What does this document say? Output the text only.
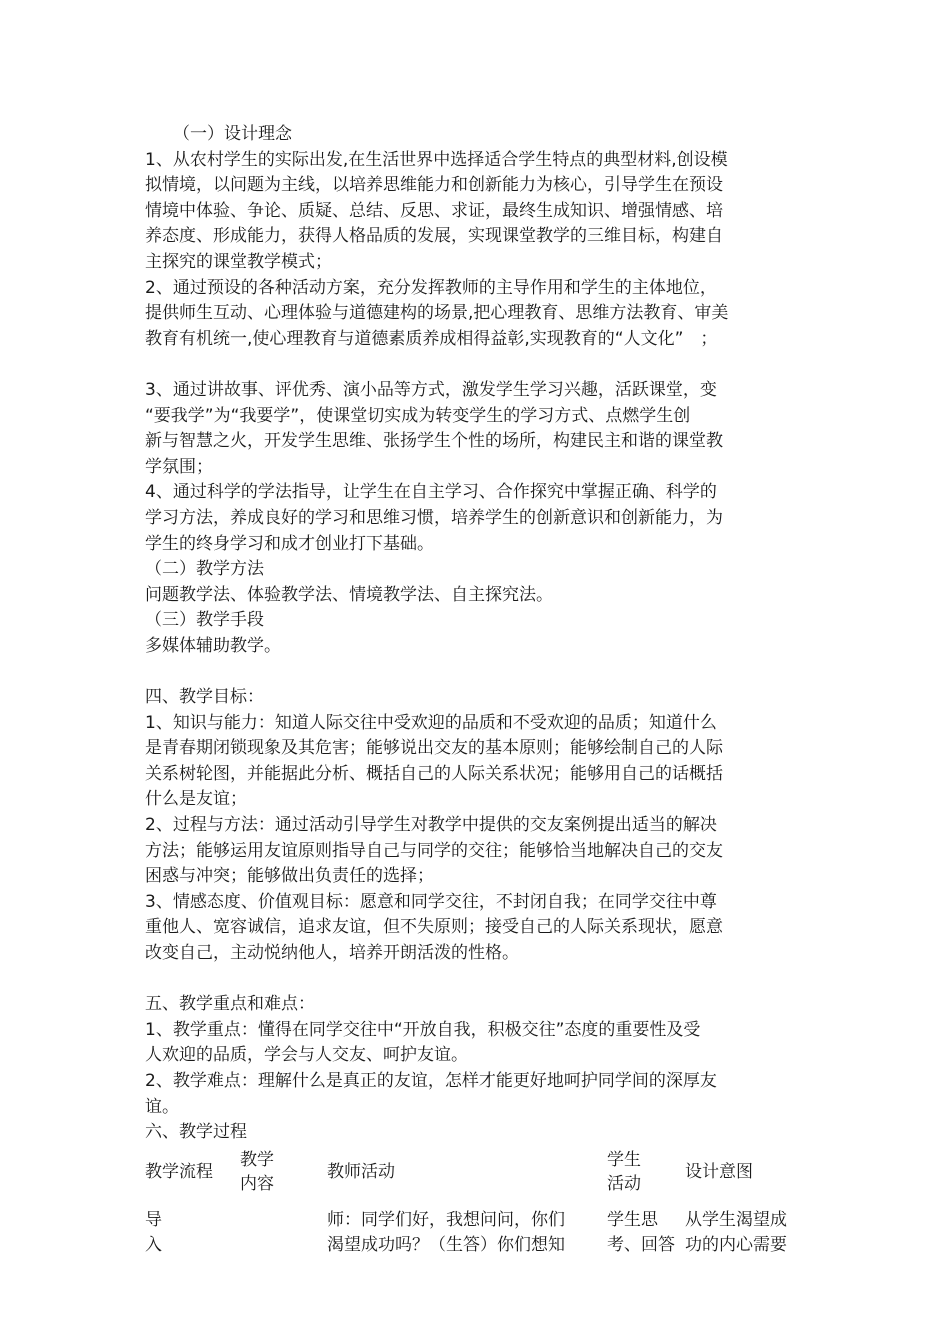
（一）设计理念
1、从农村学生的实际出发,在生活世界中选择适合学生特点的典型材料,创设模
拟情境，以问题为主线，以培养思维能力和创新能力为核心，引导学生在预设
情境中体验、争论、质疑、总结、反思、求证，最终生成知识、增强情感、培
养态度、形成能力，获得人格品质的发展，实现课堂教学的三维目标，构建自
主探究的课堂教学模式；
2、通过预设的各种活动方案，充分发挥教师的主导作用和学生的主体地位，
提供师生互动、心理体验与道德建构的场景,把心理教育、思维方法教育、审美
教育有机统一,使心理教育与道德素质养成相得益彰,实现教育的“人文化”　；
3、通过讲故事、评优秀、演小品等方式，激发学生学习兴趣，活跃课堂，变
“要我学”为“我要学”，使课堂切实成为转变学生的学习方式、点燃学生创
新与智慧之火，开发学生思维、张扬学生个性的场所，构建民主和谐的课堂教
学氛围；
4、通过科学的学法指导，让学生在自主学习、合作探究中掌握正确、科学的
学习方法，养成良好的学习和思维习惯，培养学生的创新意识和创新能力，为
学生的终身学习和成才创业打下基础。
（二）教学方法
问题教学法、体验教学法、情境教学法、自主探究法。
（三）教学手段
多媒体辅助教学。
四、教学目标：
1、知识与能力：知道人际交往中受欢迎的品质和不受欢迎的品质；知道什么
是青春期闭锁现象及其危害；能够说出交友的基本原则；能够绘制自己的人际
关系树轮图，并能据此分析、概括自己的人际关系状况；能够用自己的话概括
什么是友谊；
2、过程与方法：通过活动引导学生对教学中提供的交友案例提出适当的解决
方法；能够运用友谊原则指导自己与同学的交往；能够恰当地解决自己的交友
困惑与冲突；能够做出负责任的选择；
3、情感态度、价值观目标：愿意和同学交往，不封闭自我；在同学交往中尊
重他人、宽容诚信，追求友谊，但不失原则；接受自己的人际关系现状，愿意
改变自己，主动悦纳他人，培养开朗活泼的性格。
五、教学重点和难点：
1、教学重点：懂得在同学交往中“开放自我，积极交往”态度的重要性及受
人欢迎的品质，学会与人交友、呵护友谊。
2、教学难点：理解什么是真正的友谊，怎样才能更好地呵护同学间的深厚友
谊。
六、教学过程
教学流程
教学
内容
教师活动
学生
活动
设计意图
导
入
师：同学们好，我想问问，你们
渴望成功吗？（生答）你们想知
学生思
考、回答
从学生渴望成
功的内心需要
